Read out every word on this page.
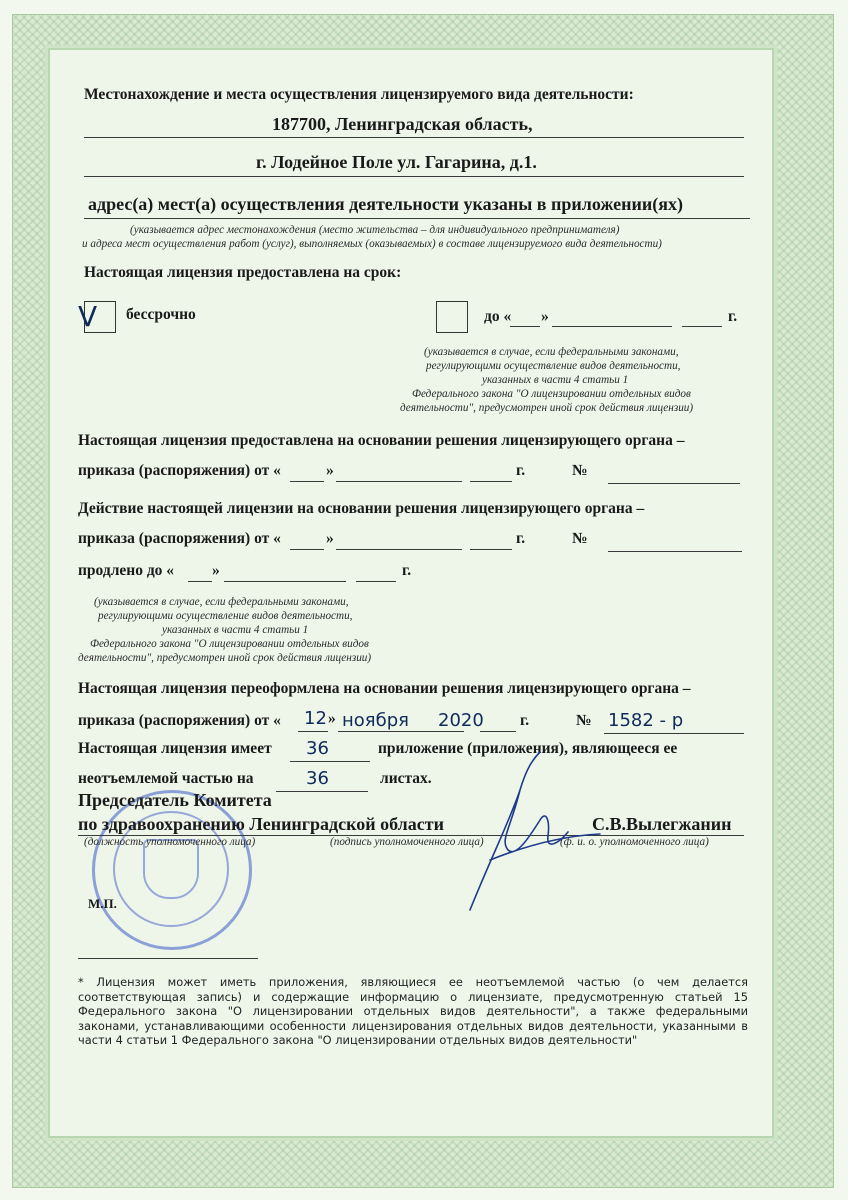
Местонахождение и места осуществления лицензируемого вида деятельности:
187700, Ленинградская область,
г. Лодейное Поле ул. Гагарина, д.1.
адрес(а) мест(а) осуществления деятельности указаны в приложении(ях)
(указывается адрес местонахождения (место жительства – для индивидуального предпринимателя)
и адреса мест осуществления работ (услуг), выполняемых (оказываемых) в составе лицензируемого вида деятельности)
Настоящая лицензия предоставлена на срок:
V бессрочно	до « »	г.
(указывается в случае, если федеральными законами,
регулирующими осуществление видов деятельности,
указанных в части 4 статьи 1
Федерального закона "О лицензировании отдельных видов
деятельности", предусмотрен иной срок действия лицензии)
Настоящая лицензия предоставлена на основании решения лицензирующего органа –
приказа (распоряжения) от «	»	г.	№
Действие настоящей лицензии на основании решения лицензирующего органа –
приказа (распоряжения) от «	»	г.	№
продлено до « »	г.
(указывается в случае, если федеральными законами,
регулирующими осуществление видов деятельности,
указанных в части 4 статьи 1
Федерального закона "О лицензировании отдельных видов
деятельности", предусмотрен иной срок действия лицензии)
Настоящая лицензия переоформлена на основании решения лицензирующего органа –
приказа (распоряжения) от « 12 » ноября 2020 г.	№ 1582 - р
Настоящая лицензия имеет 36	приложение (приложения), являющееся ее
неотъемлемой частью на	36	листах.
Председатель Комитета
по здравоохранению Ленинградской области	С.В.Вылегжанин
(должность уполномоченного лица)	(подпись уполномоченного лица)	(ф. и. о. уполномоченного лица)
М.П.
* Лицензия может иметь приложения, являющиеся ее неотъемлемой частью (о чем делается соответствующая запись) и содержащие информацию о лицензиате, предусмотренную статьей 15 Федерального закона "О лицензировании отдельных видов деятельности", а также федеральными законами, устанавливающими особенности лицензирования отдельных видов деятельности, указанными в части 4 статьи 1 Федерального закона "О лицензировании отдельных видов деятельности"
